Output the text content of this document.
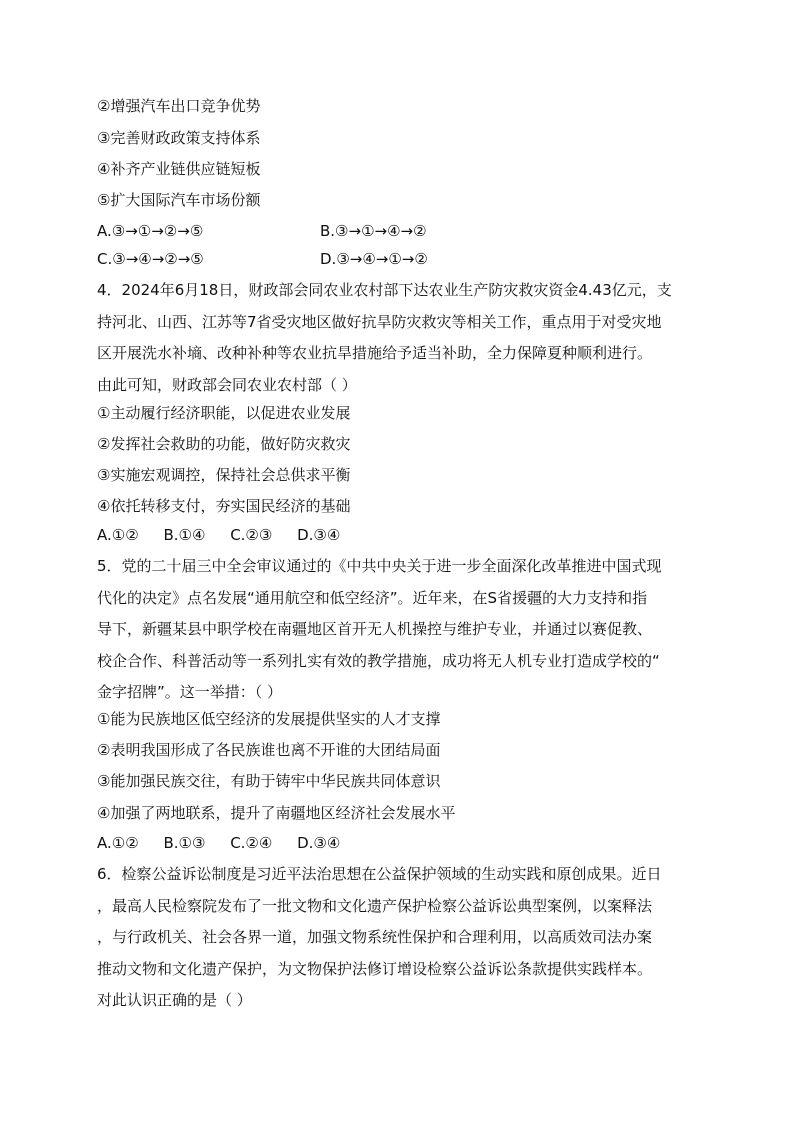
②增强汽车出口竞争优势
③完善财政政策支持体系
④补齐产业链供应链短板
⑤扩大国际汽车市场份额
A.③→①→②→⑤	B.③→①→④→②
C.③→④→②→⑤	D.③→④→①→②
4．2024年6月18日，财政部会同农业农村部下达农业生产防灾救灾资金4.43亿元，支
持河北、山西、江苏等7省受灾地区做好抗旱防灾救灾等相关工作，重点用于对受灾地
区开展洗水补墒、改种补种等农业抗旱措施给予适当补助，全力保障夏种顺利进行。
由此可知，财政部会同农业农村部（ ）
①主动履行经济职能，以促进农业发展
②发挥社会救助的功能，做好防灾救灾
③实施宏观调控，保持社会总供求平衡
④依托转移支付，夯实国民经济的基础
A.①② B.①④ C.②③ D.③④
5．党的二十届三中全会审议通过的《中共中央关于进一步全面深化改革推进中国式现
代化的决定》点名发展“通用航空和低空经济”。近年来，在S省援疆的大力支持和指
导下，新疆某县中职学校在南疆地区首开无人机操控与维护专业，并通过以赛促教、
校企合作、科普活动等一系列扎实有效的教学措施，成功将无人机专业打造成学校的“
金字招牌”。这一举措：（ ）
①能为民族地区低空经济的发展提供坚实的人才支撑
②表明我国形成了各民族谁也离不开谁的大团结局面
③能加强民族交往，有助于铸牢中华民族共同体意识
④加强了两地联系，提升了南疆地区经济社会发展水平
A.①② B.①③ C.②④ D.③④
6．检察公益诉讼制度是习近平法治思想在公益保护领域的生动实践和原创成果。近日
，最高人民检察院发布了一批文物和文化遗产保护检察公益诉讼典型案例，以案释法
，与行政机关、社会各界一道，加强文物系统性保护和合理利用，以高质效司法办案
推动文物和文化遗产保护，为文物保护法修订增设检察公益诉讼条款提供实践样本。
对此认识正确的是（ ）
